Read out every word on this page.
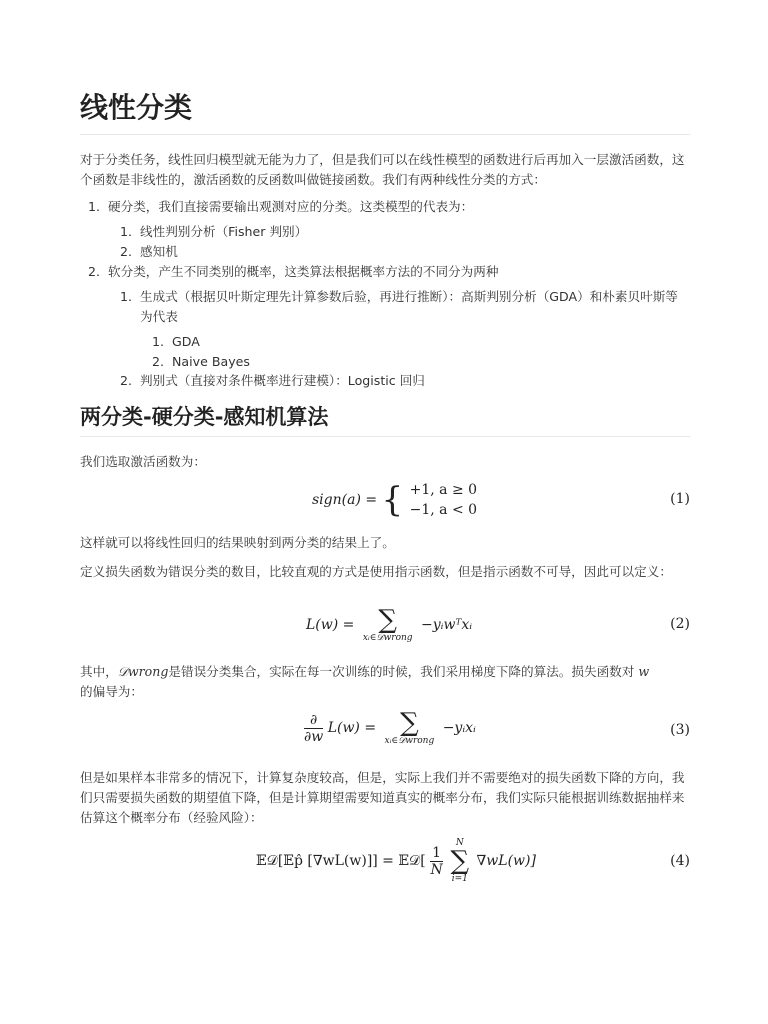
线性分类

对于分类任务，线性回归模型就无能为力了，但是我们可以在线性模型的函数进行后再加入一层激活函数，这个函数是非线性的，激活函数的反函数叫做链接函数。我们有两种线性分类的方式：

1. 硬分类，我们直接需要输出观测对应的分类。这类模型的代表为：
1. 线性判别分析（Fisher 判别）
2. 感知机
2. 软分类，产生不同类别的概率，这类算法根据概率方法的不同分为两种
1. 生成式（根据贝叶斯定理先计算参数后验，再进行推断）：高斯判别分析（GDA）和朴素贝叶斯等为代表
1. GDA
2. Naive Bayes
2. 判别式（直接对条件概率进行建模）：Logistic 回归
两分类-硬分类-感知机算法

我们选取激活函数为：

sign(a) = { +1, a ≥ 0
−1, a < 0
(1)

这样就可以将线性回归的结果映射到两分类的结果上了。

定义损失函数为错误分类的数目，比较直观的方式是使用指示函数，但是指示函数不可导，因此可以定义：

L(w) = ∑
xᵢ∈𝒟wrong
−yᵢwᵀxᵢ	(2)
其中，𝒟wrong是错误分类集合，实际在每一次训练的时候，我们采用梯度下降的算法。损失函数对 w
的偏导为：
$\frac{\partial}{\partial w} L(w)$ = ∑
xᵢ∈𝒟wrong
−yᵢxᵢ	(3)

但是如果样本非常多的情况下，计算复杂度较高，但是，实际上我们并不需要绝对的损失函数下降的方向，我们只需要损失函数的期望值下降，但是计算期望需要知道真实的概率分布，我们实际只能根据训练数据抽样来估算这个概率分布（经验风险）：

𝔼𝒟[𝔼p̂ [∇wL(w)]] = 𝔼𝒟[ $\frac{1}{N}$

N
∑
i=1
∇wL(w)]	(4)
